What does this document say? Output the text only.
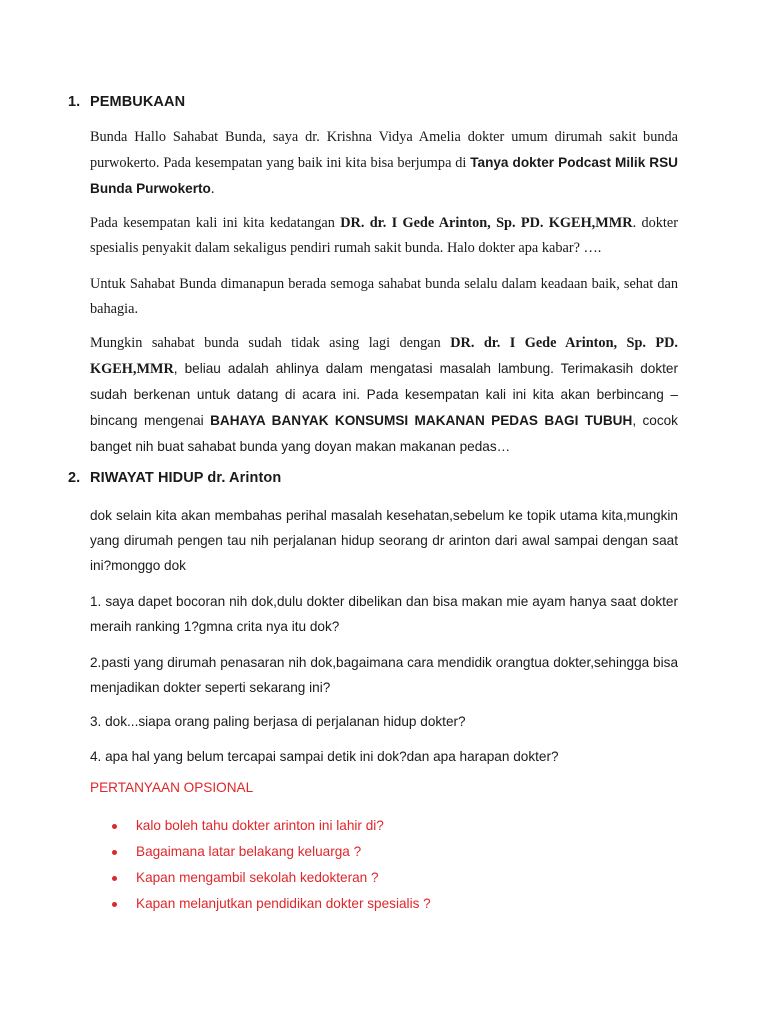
1. PEMBUKAAN
Bunda Hallo Sahabat Bunda, saya dr. Krishna Vidya Amelia dokter umum dirumah sakit bunda purwokerto. Pada kesempatan yang baik ini kita bisa berjumpa di Tanya dokter Podcast Milik RSU Bunda Purwokerto.
Pada kesempatan kali ini kita kedatangan DR. dr. I Gede Arinton, Sp. PD. KGEH,MMR. dokter spesialis penyakit dalam sekaligus pendiri rumah sakit bunda. Halo dokter apa kabar? ….
Untuk Sahabat Bunda dimanapun berada semoga sahabat bunda selalu dalam keadaan baik, sehat dan bahagia.
Mungkin sahabat bunda sudah tidak asing lagi dengan DR. dr. I Gede Arinton, Sp. PD. KGEH,MMR, beliau adalah ahlinya dalam mengatasi masalah lambung. Terimakasih dokter sudah berkenan untuk datang di acara ini. Pada kesempatan kali ini kita akan berbincang – bincang mengenai BAHAYA BANYAK KONSUMSI MAKANAN PEDAS BAGI TUBUH, cocok banget nih buat sahabat bunda yang doyan makan makanan pedas…
2. RIWAYAT HIDUP dr. Arinton
dok selain kita akan membahas perihal masalah kesehatan,sebelum ke topik utama kita,mungkin yang dirumah pengen tau nih perjalanan hidup seorang dr arinton dari awal sampai dengan saat ini?monggo dok
1. saya dapet bocoran nih dok,dulu dokter dibelikan dan bisa makan mie ayam hanya saat dokter meraih ranking 1?gmna crita nya itu dok?
2.pasti yang dirumah penasaran nih dok,bagaimana cara mendidik orangtua dokter,sehingga bisa menjadikan dokter seperti sekarang ini?
3. dok...siapa orang paling berjasa di perjalanan hidup dokter?
4. apa hal yang belum tercapai sampai detik ini dok?dan apa harapan dokter?
PERTANYAAN OPSIONAL
kalo boleh tahu dokter arinton ini lahir di?
Bagaimana latar belakang keluarga ?
Kapan mengambil sekolah kedokteran ?
Kapan melanjutkan pendidikan dokter spesialis ?
